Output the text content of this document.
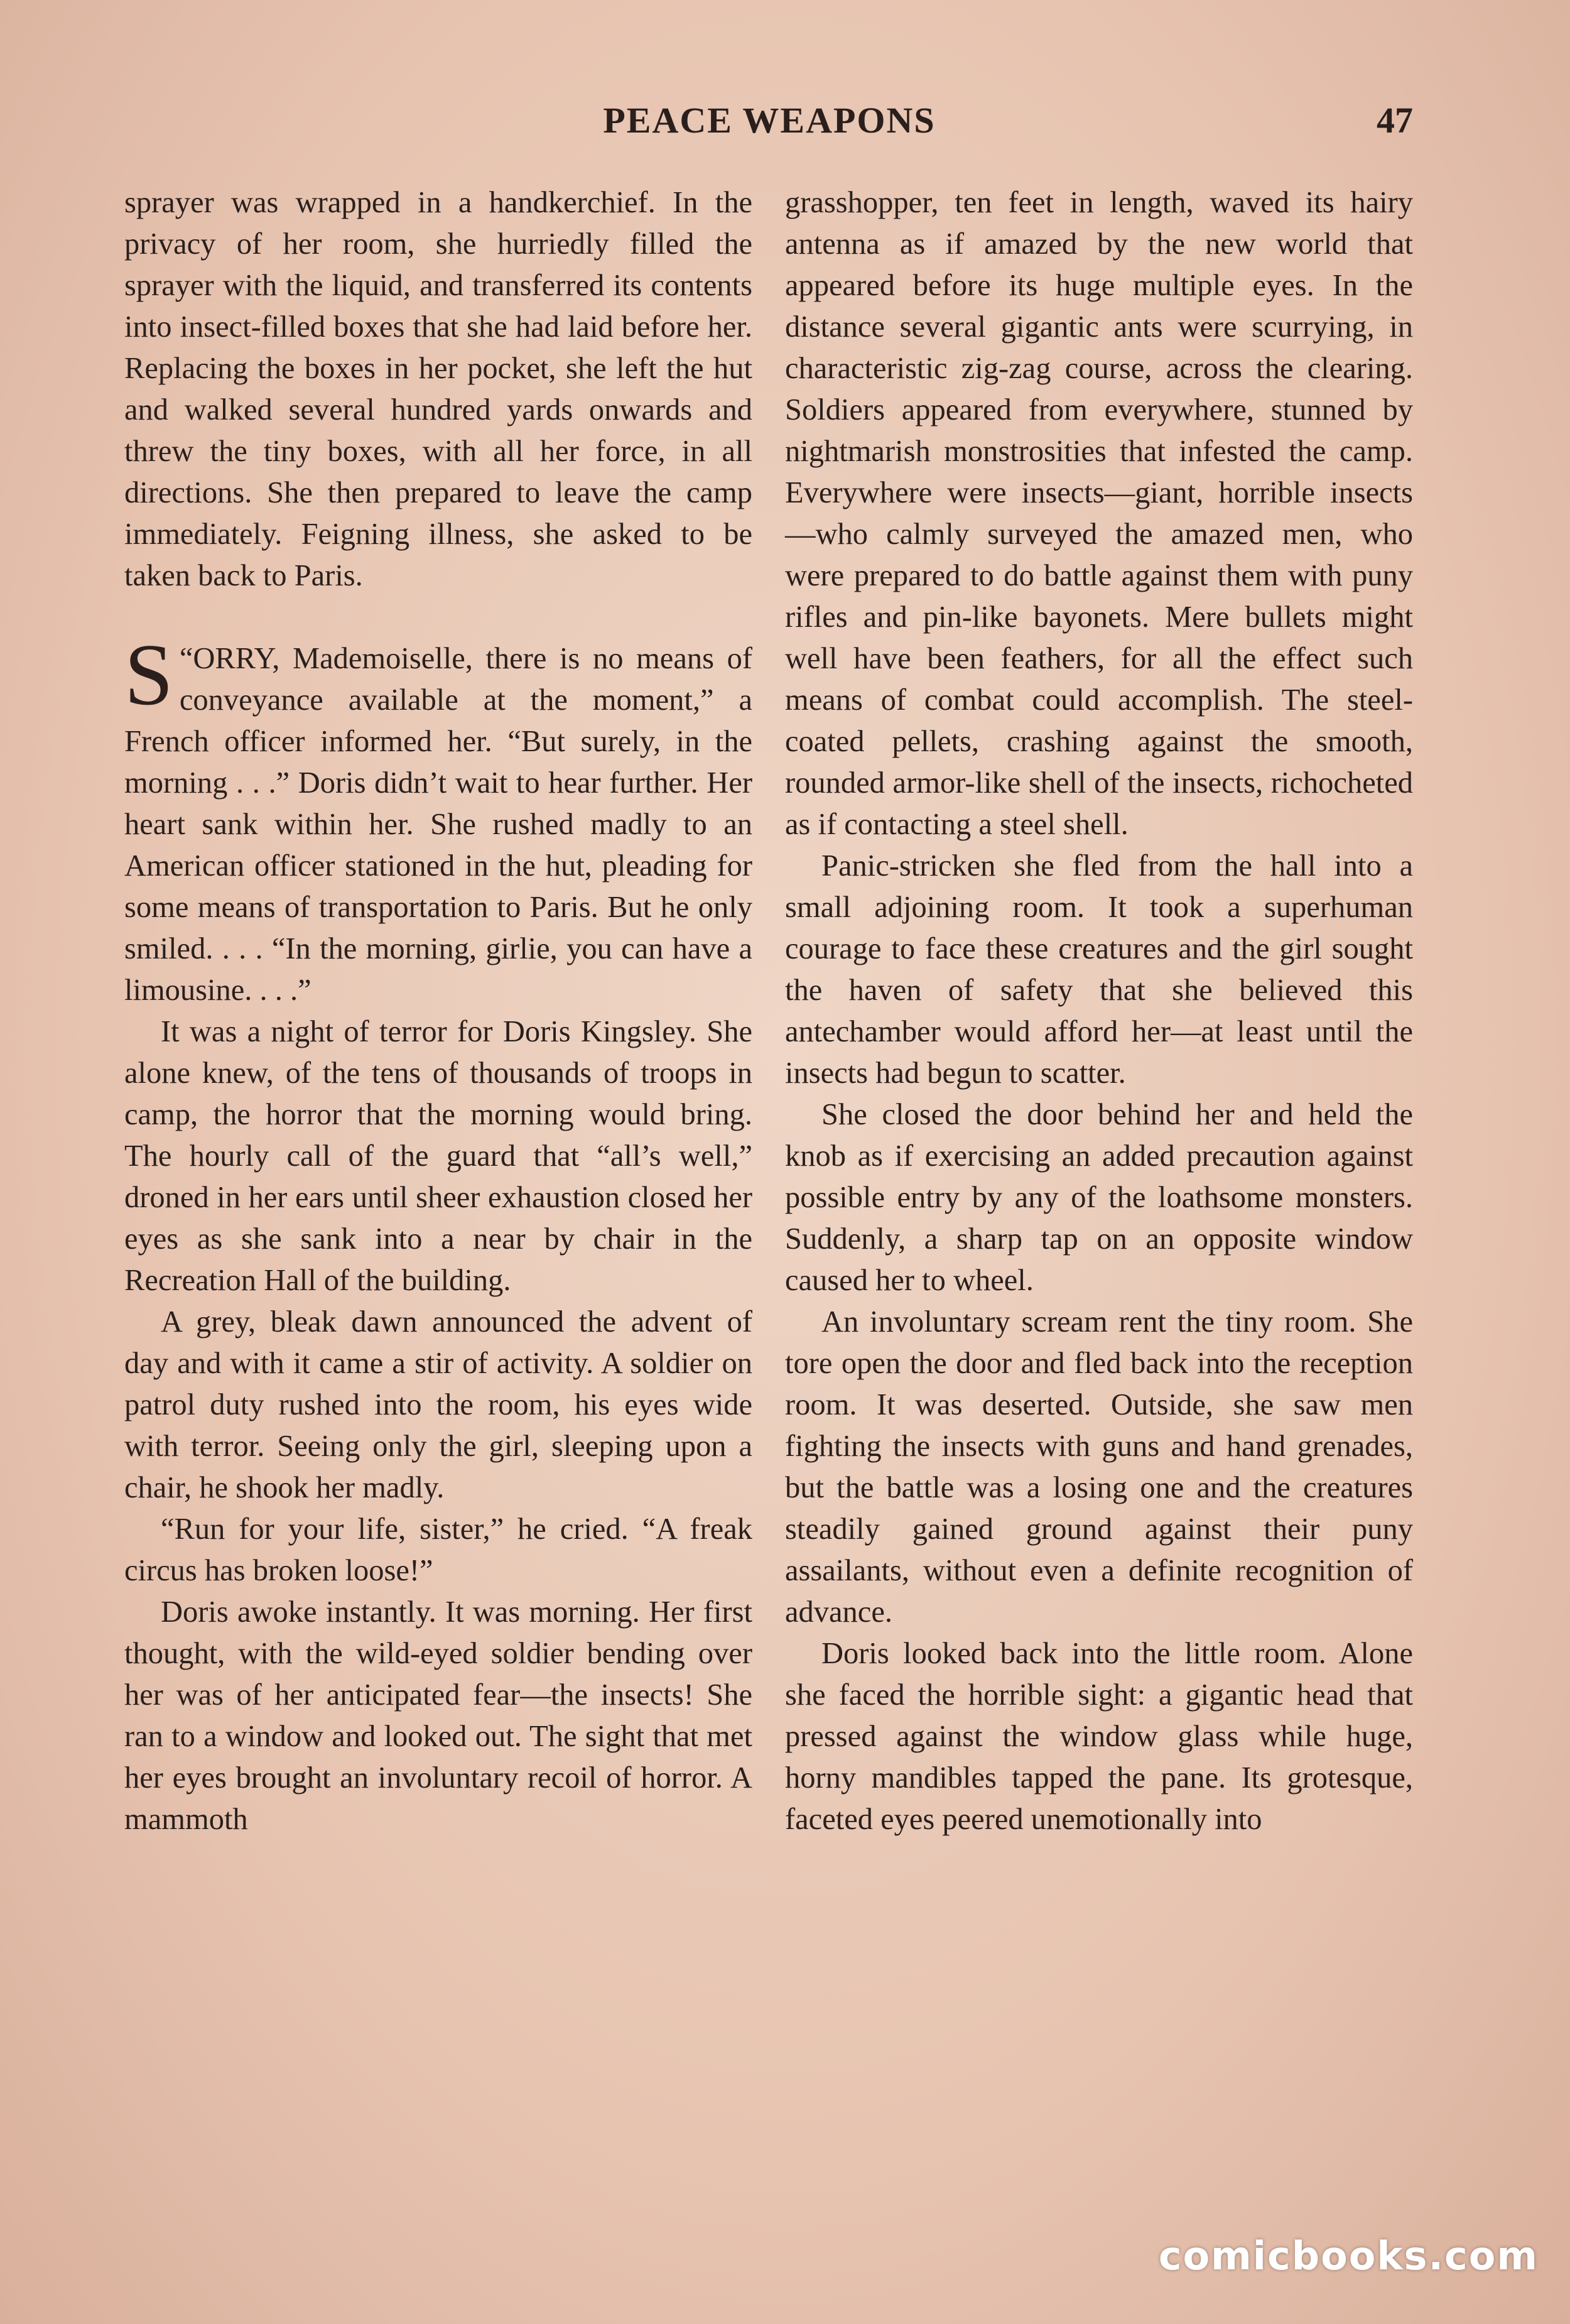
PEACE WEAPONS	47

sprayer was wrapped in a handkerchief. In the privacy of her room, she hurriedly filled the sprayer with the liquid, and transferred its contents into insect-filled boxes that she had laid before her. Replacing the boxes in her pocket, she left the hut and walked several hundred yards onwards and threw the tiny boxes, with all her force, in all directions. She then prepared to leave the camp immediately. Feigning illness, she asked to be taken back to Paris.

“
S ORRY, Mademoiselle, there is no means of conveyance available at the moment,” a French officer informed her. “But surely, in the morning . . .” Doris didn’t wait to hear further. Her heart sank within her. She rushed madly to an American officer stationed in the hut, pleading for some means of transportation to Paris. But he only smiled. . . . “In the morning, girlie, you can have a limousine. . . .”

It was a night of terror for Doris Kingsley. She alone knew, of the tens of thousands of troops in camp, the horror that the morning would bring. The hourly call of the guard that “all’s well,” droned in her ears until sheer exhaustion closed her eyes as she sank into a near by chair in the Recreation Hall of the building.

A grey, bleak dawn announced the advent of day and with it came a stir of activity. A soldier on patrol duty rushed into the room, his eyes wide with terror. Seeing only the girl, sleeping upon a chair, he shook her madly.

“Run for your life, sister,” he cried. “A freak circus has broken loose!”

Doris awoke instantly. It was morning. Her first thought, with the wild-eyed soldier bending over her was of her anticipated fear—the insects! She ran to a window and looked out. The sight that met her eyes brought an involuntary recoil of horror. A mammoth

grasshopper, ten feet in length, waved its hairy antenna as if amazed by the new world that appeared before its huge multiple eyes. In the distance several gigantic ants were scurrying, in characteristic zig-zag course, across the clearing. Soldiers appeared from everywhere, stunned by nightmarish monstrosities that infested the camp. Everywhere were insects—giant, horrible insects—who calmly surveyed the amazed men, who were prepared to do battle against them with puny rifles and pin-like bayonets. Mere bullets might well have been feathers, for all the effect such means of combat could accomplish. The steel-coated pellets, crashing against the smooth, rounded armor-like shell of the insects, richocheted as if contacting a steel shell.

Panic-stricken she fled from the hall into a small adjoining room. It took a superhuman courage to face these creatures and the girl sought the haven of safety that she believed this antechamber would afford her—at least until the insects had begun to scatter.

She closed the door behind her and held the knob as if exercising an added precaution against possible entry by any of the loathsome monsters. Suddenly, a sharp tap on an opposite window caused her to wheel.

An involuntary scream rent the tiny room. She tore open the door and fled back into the reception room. It was deserted. Outside, she saw men fighting the insects with guns and hand grenades, but the battle was a losing one and the creatures steadily gained ground against their puny assailants, without even a definite recognition of advance.

Doris looked back into the little room. Alone she faced the horrible sight: a gigantic head that pressed against the window glass while huge, horny mandibles tapped the pane. Its grotesque, faceted eyes peered unemotionally into

comicbooks.com
